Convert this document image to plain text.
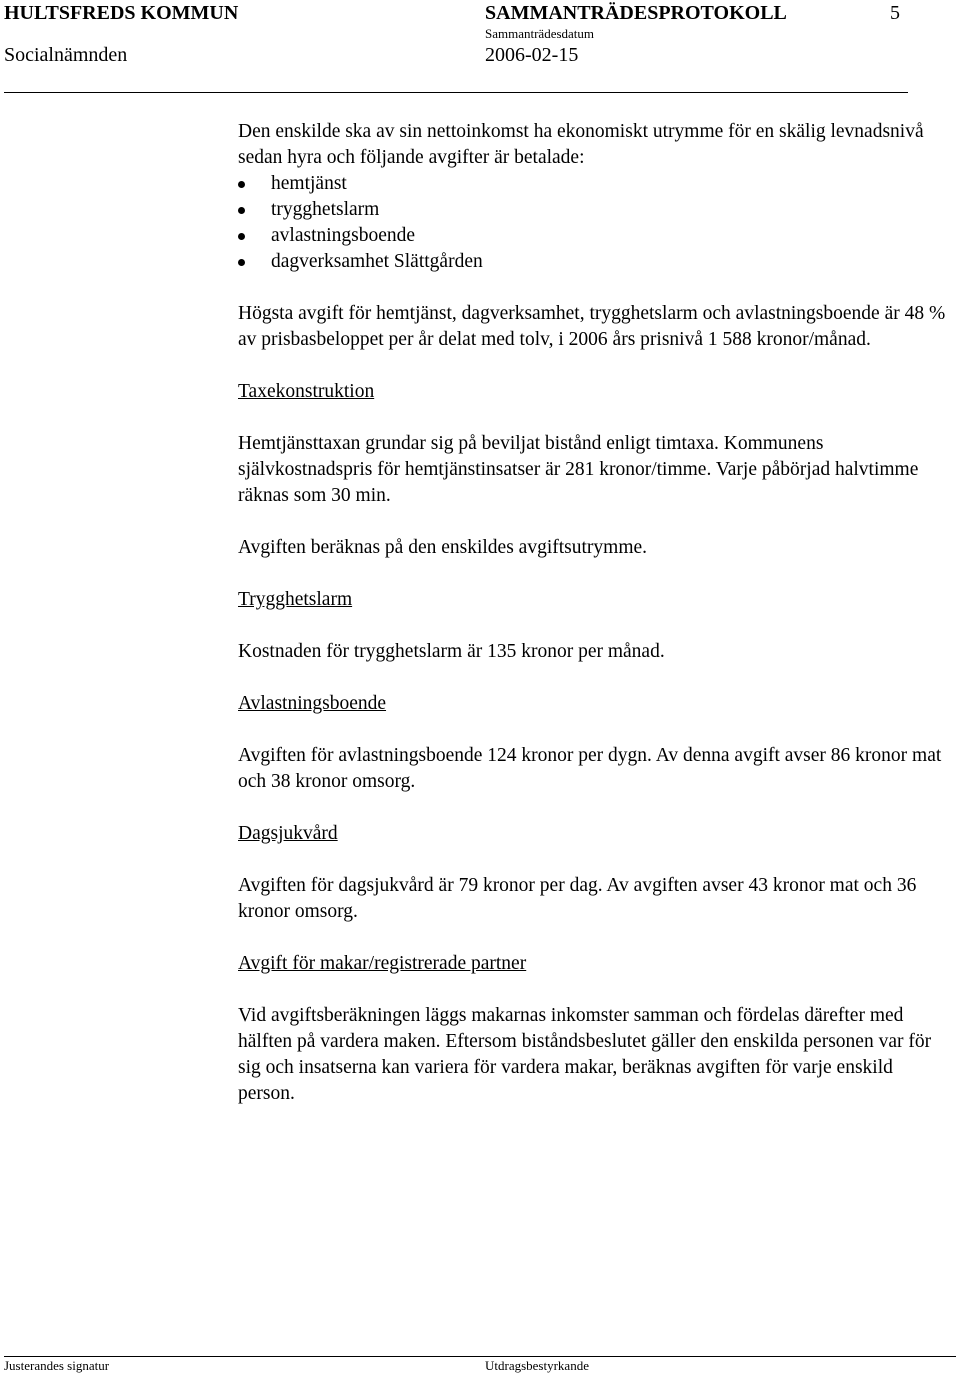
HULTSFREDS KOMMUN	SAMMANTRÄDESPROTOKOLL	5
Sammanträdesdatum
Socialnämnden	2006-02-15

Den enskilde ska av sin nettoinkomst ha ekonomiskt utrymme för en skälig levnadsnivå sedan hyra och följande avgifter är betalade:

hemtjänst
trygghetslarm
avlastningsboende
dagverksamhet Slättgården

Högsta avgift för hemtjänst, dagverksamhet, trygghetslarm och avlastningsboende är 48 % av prisbasbeloppet per år delat med tolv, i 2006 års prisnivå 1 588 kronor/månad.

Taxekonstruktion

Hemtjänsttaxan grundar sig på beviljat bistånd enligt timtaxa. Kommunens självkostnadspris för hemtjänstinsatser är 281 kronor/timme. Varje påbörjad halvtimme räknas som 30 min.

Avgiften beräknas på den enskildes avgiftsutrymme.

Trygghetslarm

Kostnaden för trygghetslarm är 135 kronor per månad.

Avlastningsboende

Avgiften för avlastningsboende 124 kronor per dygn. Av denna avgift avser 86 kronor mat och 38 kronor omsorg.

Dagsjukvård

Avgiften för dagsjukvård är 79 kronor per dag. Av avgiften avser 43 kronor mat och 36 kronor omsorg.

Avgift för makar/registrerade partner

Vid avgiftsberäkningen läggs makarnas inkomster samman och fördelas därefter med hälften på vardera maken. Eftersom biståndsbeslutet gäller den enskilda personen var för sig och insatserna kan variera för vardera makar, beräknas avgiften för varje enskild person.

Justerandes signatur	Utdragsbestyrkande
